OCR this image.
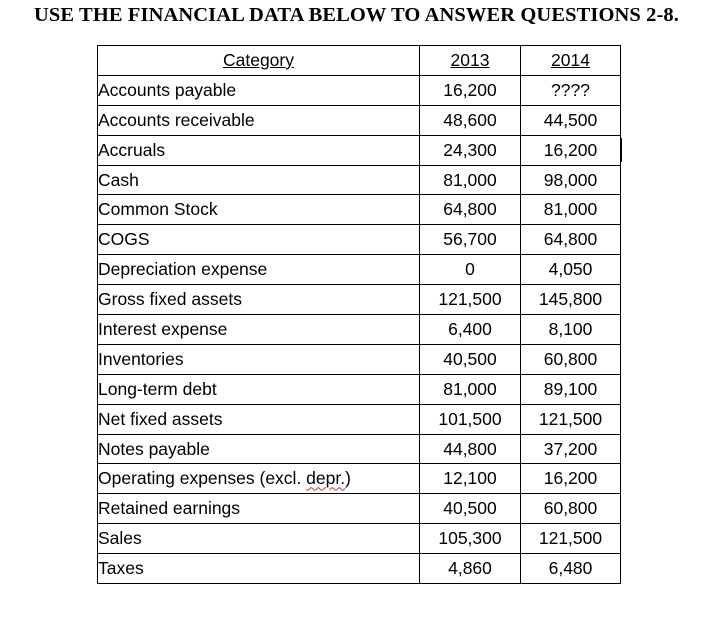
USE THE FINANCIAL DATA BELOW TO ANSWER QUESTIONS 2-8.
Category	2013	2014
Accounts payable	16,200	????
Accounts receivable	48,600	44,500
Accruals	24,300	16,200
Cash	81,000	98,000
Common Stock	64,800	81,000
COGS	56,700	64,800
Depreciation expense	0	4,050
Gross fixed assets	121,500	145,800
Interest expense	6,400	8,100
Inventories	40,500	60,800
Long-term debt	81,000	89,100
Net fixed assets	101,500	121,500
Notes payable	44,800	37,200
Operating expenses (excl. depr.)	12,100	16,200
Retained earnings	40,500	60,800
Sales	105,300	121,500
Taxes	4,860	6,480
